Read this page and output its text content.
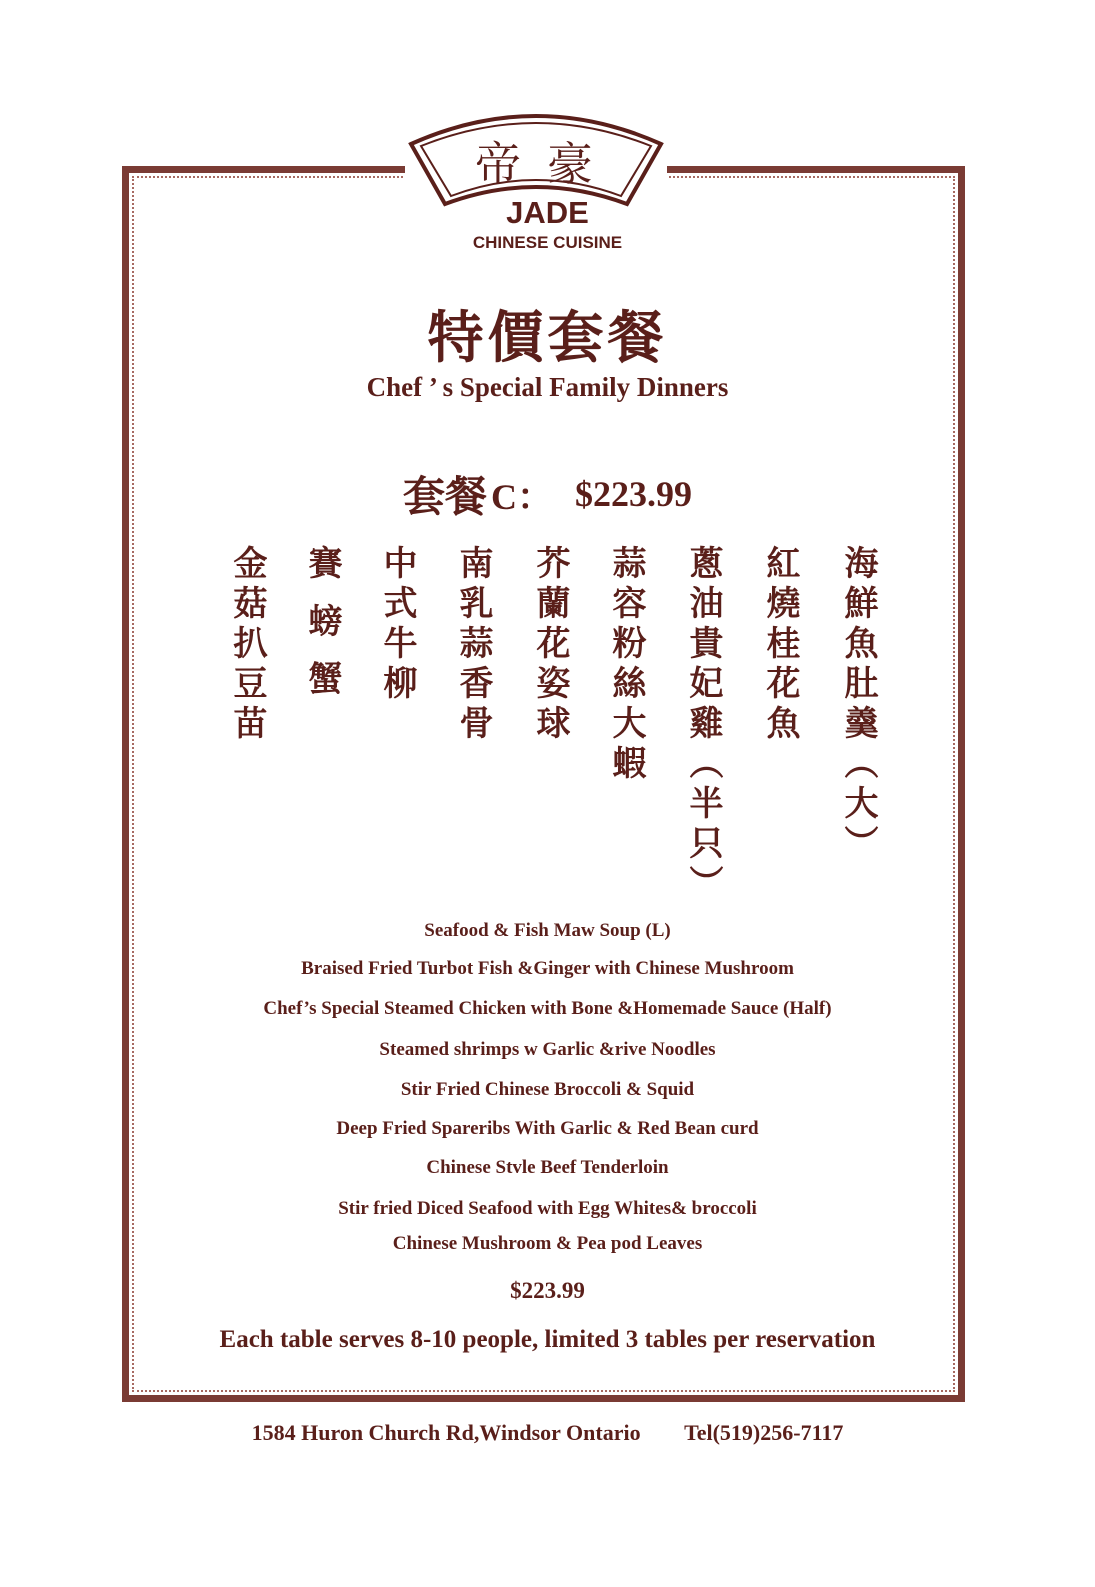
帝豪
JADE
CHINESE CUISINE
特價套餐
Chef ’ s Special Family Dinners
套餐 C： $223.99
海鮮魚肚羹（大）
紅燒桂花魚
蔥油貴妃雞（半只）
蒜容粉絲大蝦
芥蘭花姿球
南乳蒜香骨
中式牛柳
賽 螃 蟹
金菇扒豆苗
Seafood & Fish Maw Soup (L)
Braised Fried Turbot Fish &Ginger with Chinese Mushroom
Chef’s Special Steamed Chicken with Bone &Homemade Sauce (Half)
Steamed shrimps w Garlic &rive Noodles
Stir Fried Chinese Broccoli & Squid
Deep Fried Spareribs With Garlic & Red Bean curd
Chinese Stvle Beef Tenderloin
Stir fried Diced Seafood with Egg Whites& broccoli
Chinese Mushroom & Pea pod Leaves
$223.99
Each table serves 8-10 people, limited 3 tables per reservation
1584 Huron Church Rd,Windsor Ontario Tel(519)256-7117
